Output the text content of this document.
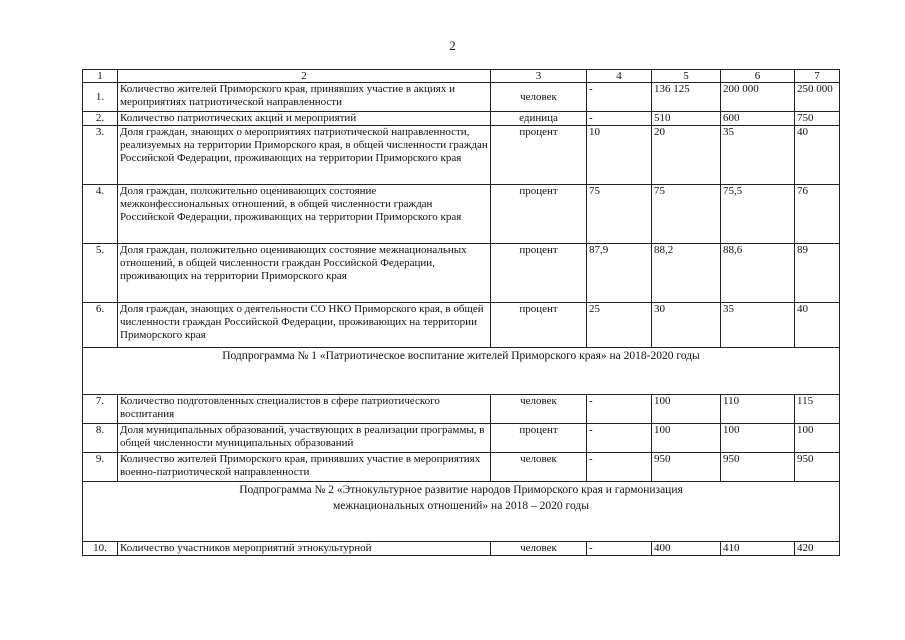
2
1	2	3	4	5	6	7
1.	Количество жителей Приморского края, принявших участие в акциях и мероприятиях патриотической направленности	человек	-	136 125	200 000	250 000
2.	Количество патриотических акций и мероприятий	единица	-	510	600	750
3.	Доля граждан, знающих о мероприятиях патриотической направленности, реализуемых на территории Приморского края, в общей численности граждан Российской Федерации, проживающих на территории Приморского края	процент	10	20	35	40
4.	Доля граждан, положительно оценивающих состояние межконфессиональных отношений, в общей численности граждан Российской Федерации, проживающих на территории Приморского края	процент	75	75	75,5	76
5.	Доля граждан, положительно оценивающих состояние межнациональных отношений, в общей численности граждан Российской Федерации, проживающих на территории Приморского края	процент	87,9	88,2	88,6	89
6.	Доля граждан, знающих о деятельности СО НКО Приморского края, в общей численности граждан Российской Федерации, проживающих на территории Приморского края	процент	25	30	35	40
Подпрограмма № 1 «Патриотическое воспитание жителей Приморского края» на 2018-2020 годы						
7.	Количество подготовленных специалистов в сфере патриотического воспитания	человек	-	100	110	115
8.	Доля муниципальных образований, участвующих в реализации программы, в общей численности муниципальных образований	процент	-	100	100	100
9.	Количество жителей Приморского края, принявших участие в мероприятиях военно-патриотической направленности	человек	-	950	950	950
Подпрограмма № 2 «Этнокультурное развитие народов Приморского края и гармонизация
межнациональных отношений» на 2018 – 2020 годы						
10.	Количество участников мероприятий этнокультурной	человек	-	400	410	420
